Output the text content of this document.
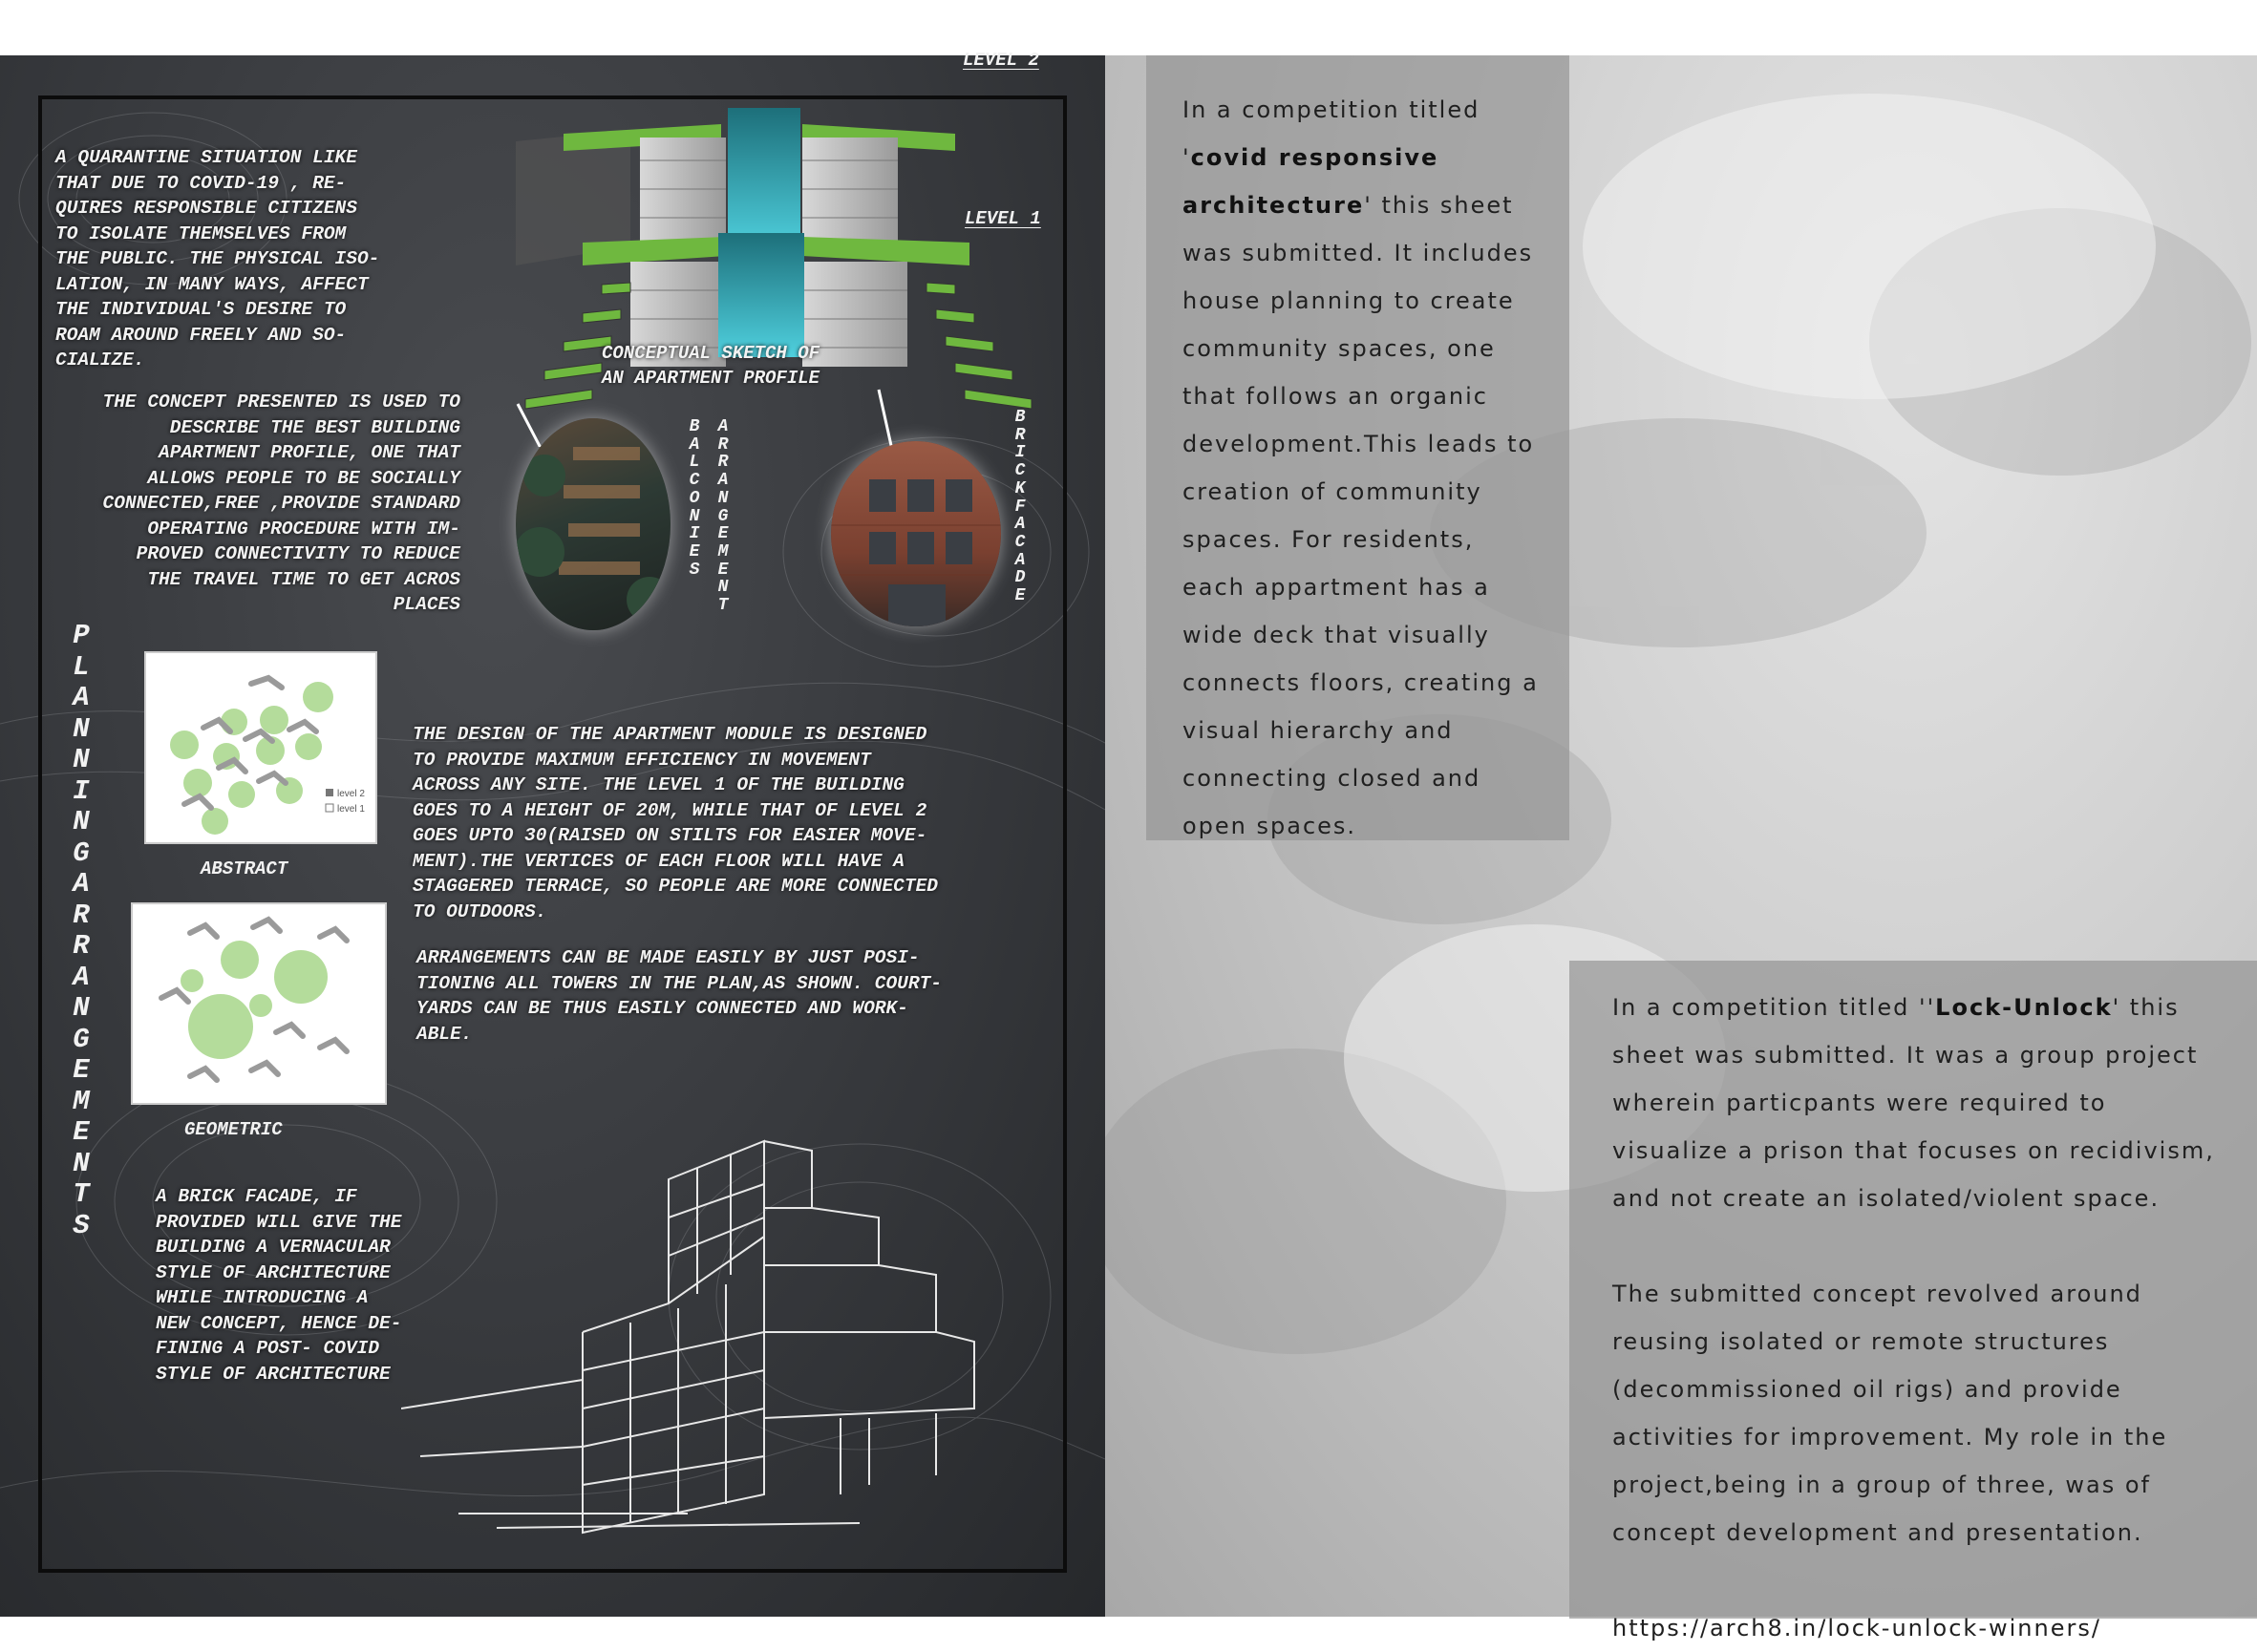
A QUARANTINE SITUATION LIKE
THAT DUE TO COVID-19 , RE-
QUIRES RESPONSIBLE CITIZENS
TO ISOLATE THEMSELVES FROM
THE PUBLIC. THE PHYSICAL ISO-
LATION, IN MANY WAYS, AFFECT
THE INDIVIDUAL'S DESIRE TO
ROAM AROUND FREELY AND SO-
CIALIZE.
THE CONCEPT PRESENTED IS USED TO
DESCRIBE THE BEST BUILDING
APARTMENT PROFILE, ONE THAT
ALLOWS PEOPLE TO BE SOCIALLY
CONNECTED,FREE ,PROVIDE STANDARD
OPERATING PROCEDURE WITH IM-
PROVED CONNECTIVITY TO REDUCE
THE TRAVEL TIME TO GET ACROS
PLACES
LEVEL 2
LEVEL 1
CONCEPTUAL SKETCH OF
AN APARTMENT PROFILE
BALCONIES
ARRANGEMENT
BRICK FACADE
PLANNING ARRANGEMENTS
level 2
level 1
ABSTRACT
GEOMETRIC
THE DESIGN OF THE APARTMENT MODULE IS DESIGNED
TO PROVIDE MAXIMUM EFFICIENCY IN MOVEMENT
ACROSS ANY SITE. THE LEVEL 1 OF THE BUILDING
GOES TO A HEIGHT OF 20M, WHILE THAT OF LEVEL 2
GOES UPTO 30(RAISED ON STILTS FOR EASIER MOVE-
MENT).THE VERTICES OF EACH FLOOR WILL HAVE A
STAGGERED TERRACE, SO PEOPLE ARE MORE CONNECTED
TO OUTDOORS.
ARRANGEMENTS CAN BE MADE EASILY BY JUST POSI-
TIONING ALL TOWERS IN THE PLAN,AS SHOWN. COURT-
YARDS CAN BE THUS EASILY CONNECTED AND WORK-
ABLE.
A BRICK FACADE, IF
PROVIDED WILL GIVE THE
BUILDING A VERNACULAR
STYLE OF ARCHITECTURE
WHILE INTRODUCING A
NEW CONCEPT, HENCE DE-
FINING A POST- COVID
STYLE OF ARCHITECTURE
In a competition titled 'covid responsive architecture' this sheet was submitted. It includes house planning to create community spaces, one that follows an organic development.This leads to creation of community spaces. For residents, each appartment has a wide deck that visually connects floors, creating a visual hierarchy and connecting closed and open spaces.

In a competition titled ''Lock-Unlock' this sheet was submitted. It was a group project wherein particpants were required to visualize a prison that focuses on recidivism, and not create an isolated/violent space.

The submitted concept revolved around reusing isolated or remote structures (decommissioned oil rigs) and provide activities for improvement. My role in the project,being in a group of three, was of concept development and presentation.

https://arch8.in/lock-unlock-winners/
